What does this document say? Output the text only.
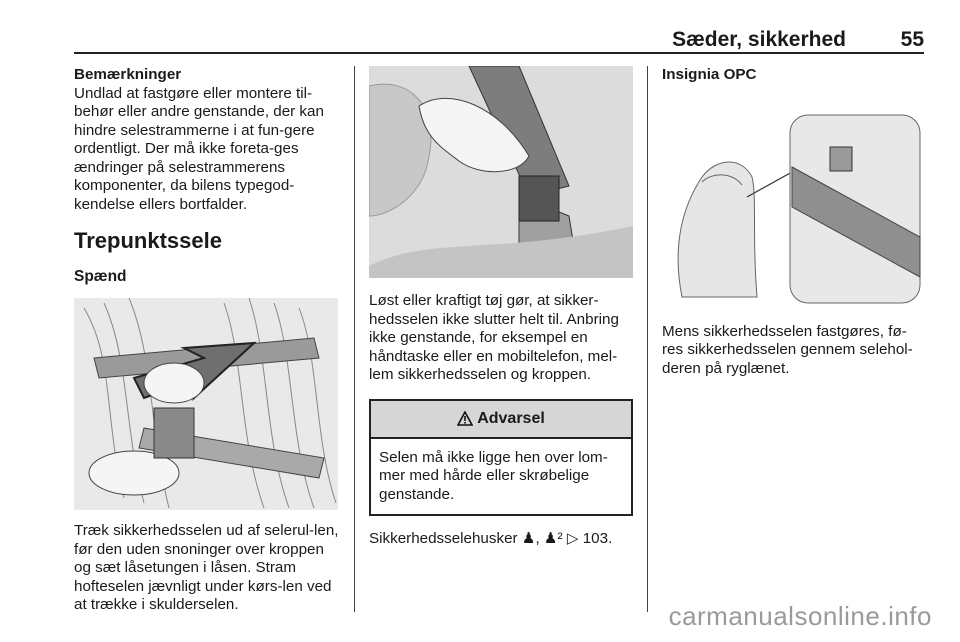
Sæder, sikkerhed	55

Bemærkninger

Undlad at fastgøre eller montere til-behør eller andre genstande, der kan hindre selestrammerne i at fun-gere ordentligt. Der må ikke foreta-ges ændringer på selestrammerens komponenter, da bilens typegod-kendelse ellers bortfalder.

Trepunktssele
Spænd

Træk sikkerhedsselen ud af selerul-len, før den uden snoninger over kroppen og sæt låsetungen i låsen. Stram hofteselen jævnligt under kørs-len ved at trække i skulderselen.

Løst eller kraftigt tøj gør, at sikker-hedsselen ikke slutter helt til. Anbring ikke genstande, for eksempel en håndtaske eller en mobiltelefon, mel-lem sikkerhedsselen og kroppen.

Advarsel
Selen må ikke ligge hen over lom-mer med hårde eller skrøbelige genstande.

Sikkerhedsselehusker ♟, ♟² ▷ 103.

Insignia OPC

Mens sikkerhedsselen fastgøres, fø-res sikkerhedsselen gennem selehol-deren på ryglænet.

carmanualsonline.info
